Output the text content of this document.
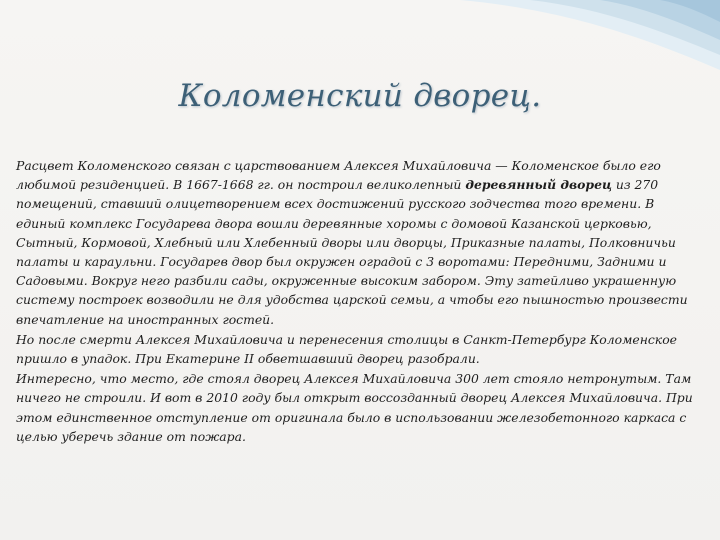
Коломенский дворец.

Расцвет Коломенского связан с царствованием Алексея Михайловича — Коломенское было его любимой резиденцией. В 1667-1668 гг. он построил великолепный деревянный дворец из 270 помещений, ставший олицетворением всех достижений русского зодчества того времени. В единый комплекс Государева двора вошли деревянные хоромы с домовой Казанской церковью, Сытный, Кормовой, Хлебный или Хлебенный дворы или дворцы, Приказные палаты, Полковничьи палаты и караульни. Государев двор был окружен оградой с 3 воротами: Передними, Задними и Садовыми. Вокруг него разбили сады, окруженные высоким забором. Эту затейливо украшенную систему построек возводили не для удобства царской семьи, а чтобы его пышностью произвести впечатление на иностранных гостей.

Но после смерти Алексея Михайловича и перенесения столицы в Санкт-Петербург Коломенское пришло в упадок. При Екатерине II обветшавший дворец разобрали.

Интересно, что место, где стоял дворец Алексея Михайловича 300 лет стояло нетронутым. Там ничего не строили. И вот в 2010 году был открыт воссозданный дворец Алексея Михайловича. При этом единственное отступление от оригинала было в использовании железобетонного каркаса с целью уберечь здание от пожара.
